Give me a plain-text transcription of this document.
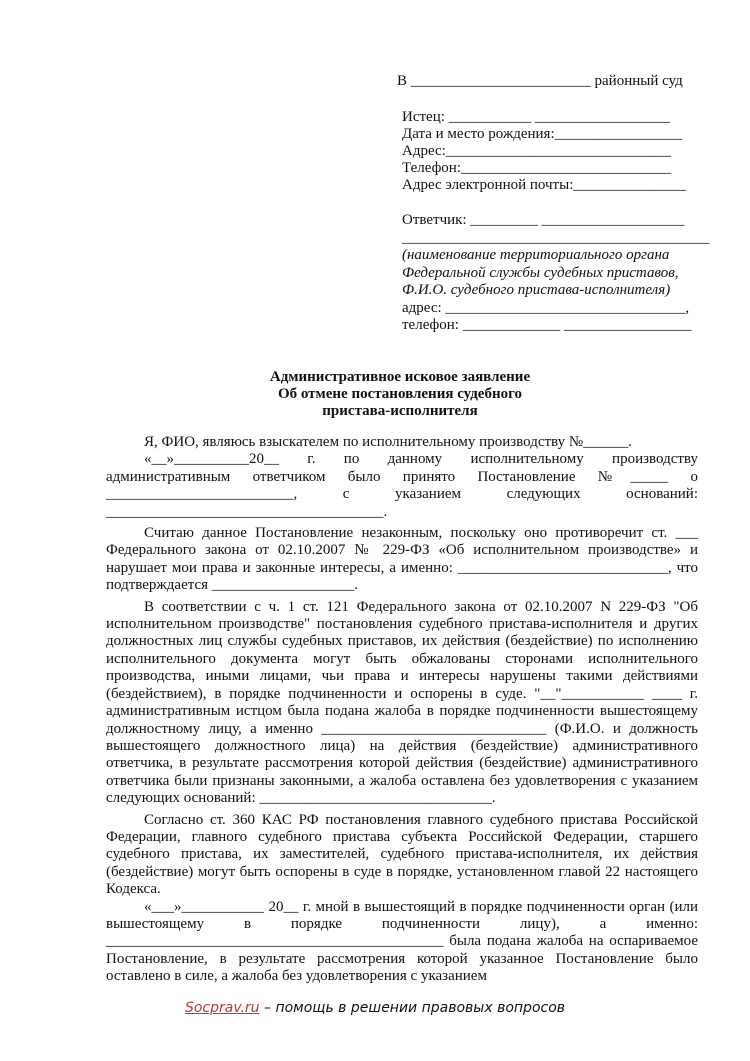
В ________________________ районный суд
Истец: ___________ __________________
Дата и место рождения:_________________
Адрес:______________________________
Телефон:____________________________
Адрес электронной почты:_______________
Ответчик: _________ ___________________
_________________________________________
(наименование территориального органа
Федеральной службы судебных приставов,
Ф.И.О. судебного пристава-исполнителя)
адрес: ________________________________,
телефон: _____________ _________________
Административное исковое заявление
Об отмене постановления судебного
пристава-исполнителя

Я, ФИО, являюсь взыскателем по исполнительному производству №______.

«__»__________20__ г. по данному исполнительному производству

административным ответчиком было принято Постановление №_____ о

_________________________, с указанием следующих оснований:

_____________________________________.

Считаю данное Постановление незаконным, поскольку оно противоречит ст. ___ Федерального закона от 02.10.2007 № 229-ФЗ «Об исполнительном производстве» и нарушает мои права и законные интересы, а именно: ____________________________, что подтверждается ___________________.

В соответствии с ч. 1 ст. 121 Федерального закона от 02.10.2007 N 229-ФЗ "Об исполнительном производстве" постановления судебного пристава-исполнителя и других должностных лиц службы судебных приставов, их действия (бездействие) по исполнению исполнительного документа могут быть обжалованы сторонами исполнительного производства, иными лицами, чьи права и интересы нарушены такими действиями (бездействием), в порядке подчиненности и оспорены в суде. "__"___________ ____ г. административным истцом была подана жалоба в порядке подчиненности вышестоящему должностному лицу, а именно ______________________________ (Ф.И.О. и должность вышестоящего должностного лица) на действия (бездействие) административного ответчика, в результате рассмотрения которой действия (бездействие) административного ответчика были признаны законными, а жалоба оставлена без удовлетворения с указанием следующих оснований: _______________________________.

Согласно ст. 360 КАС РФ постановления главного судебного пристава Российской Федерации, главного судебного пристава субъекта Российской Федерации, старшего судебного пристава, их заместителей, судебного пристава-исполнителя, их действия (бездействие) могут быть оспорены в суде в порядке, установленном главой 22 настоящего Кодекса.

«___»___________ 20__ г. мной в вышестоящий в порядке подчиненности орган (или вышестоящему в порядке подчиненности лицу), а именно: _____________________________________________ была подана жалоба на оспариваемое Постановление, в результате рассмотрения которой указанное Постановление было оставлено в силе, а жалоба без удовлетворения с указанием

Socprav.ru – помощь в решении правовых вопросов
